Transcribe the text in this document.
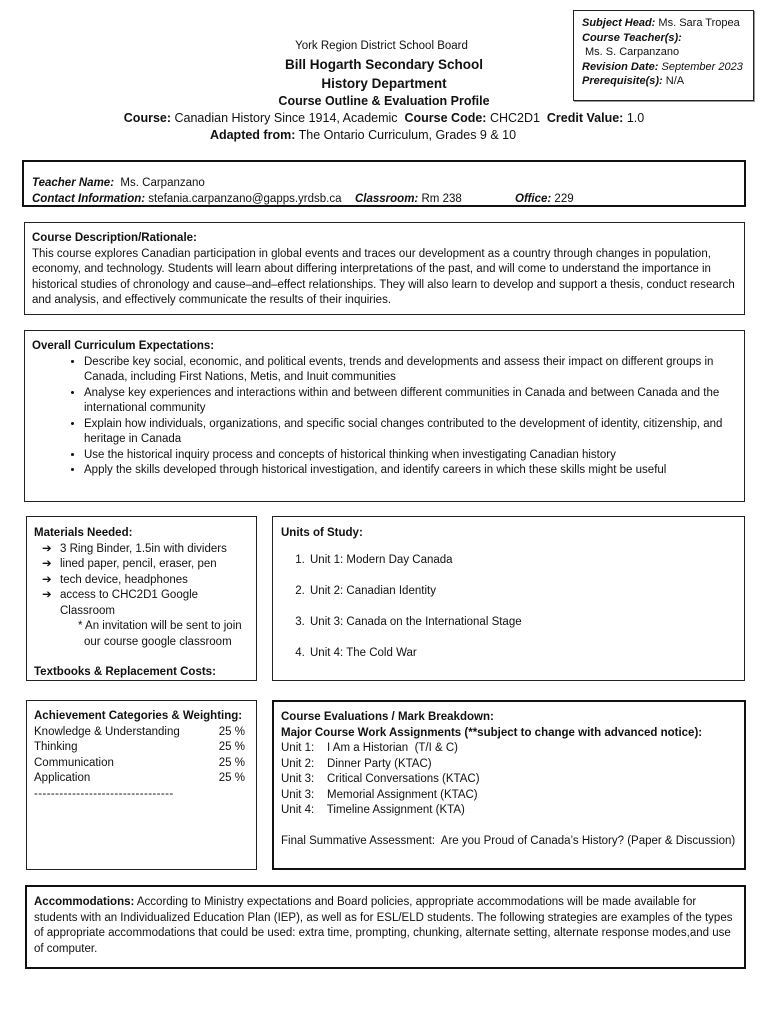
Subject Head: Ms. Sara Tropea
Course Teacher(s):
Ms. S. Carpanzano
Revision Date: September 2023
Prerequisite(s): N/A
York Region District School Board
Bill Hogarth Secondary School
History Department
Course Outline & Evaluation Profile
Course: Canadian History Since 1914, Academic Course Code: CHC2D1 Credit Value: 1.0
Adapted from: The Ontario Curriculum, Grades 9 & 10
Teacher Name: Ms. Carpanzano
Contact Information: stefania.carpanzano@gapps.yrdsb.ca Classroom: Rm 238	Office: 229
Course Description/Rationale:
This course explores Canadian participation in global events and traces our development as a country through changes in population, economy, and technology. Students will learn about differing interpretations of the past, and will come to understand the importance in historical studies of chronology and cause–and–effect relationships. They will also learn to develop and support a thesis, conduct research and analysis, and effectively communicate the results of their inquiries.
Overall Curriculum Expectations:
• Describe key social, economic, and political events, trends and developments and assess their impact on different groups in Canada, including First Nations, Metis, and Inuit communities
• Analyse key experiences and interactions within and between different communities in Canada and between Canada and the international community
• Explain how individuals, organizations, and specific social changes contributed to the development of identity, citizenship, and heritage in Canada
• Use the historical inquiry process and concepts of historical thinking when investigating Canadian history
• Apply the skills developed through historical investigation, and identify careers in which these skills might be useful
Materials Needed:
➔ 3 Ring Binder, 1.5in with dividers
➔ lined paper, pencil, eraser, pen
➔ tech device, headphones
➔ access to CHC2D1 Google Classroom
* An invitation will be sent to join our course google classroom
Textbooks & Replacement Costs:
Units of Study:
1. Unit 1: Modern Day Canada
2. Unit 2: Canadian Identity
3. Unit 3: Canada on the International Stage
4. Unit 4: The Cold War
Achievement Categories & Weighting:
Knowledge & Understanding	25 %
Thinking	25 %
Communication	25 %
Application	25 %
---------------------------------
Course Evaluations / Mark Breakdown:
Major Course Work Assignments (**subject to change with advanced notice):
Unit 1:    I Am a Historian  (T/I & C)
Unit 2:    Dinner Party (KTAC)
Unit 3:    Critical Conversations (KTAC)
Unit 3:    Memorial Assignment (KTAC)
Unit 4:    Timeline Assignment (KTA)
Final Summative Assessment:  Are you Proud of Canada’s History? (Paper & Discussion)
Accommodations: According to Ministry expectations and Board policies, appropriate accommodations will be made available for students with an Individualized Education Plan (IEP), as well as for ESL/ELD students. The following strategies are examples of the types of appropriate accommodations that could be used: extra time, prompting, chunking, alternate setting, alternate response modes,and use of computer.
